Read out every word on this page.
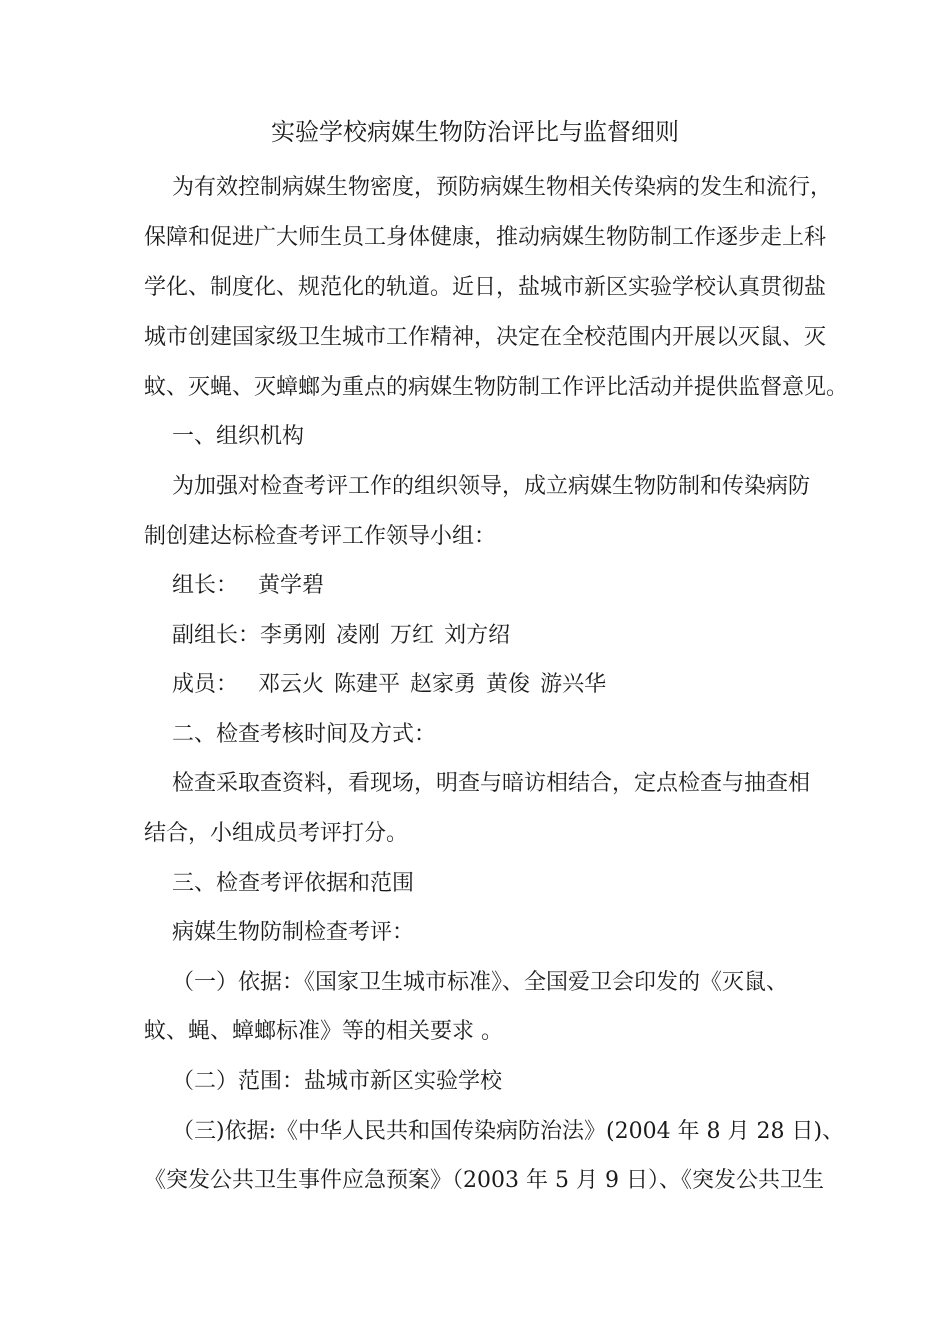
实验学校病媒生物防治评比与监督细则
为有效控制病媒生物密度，预防病媒生物相关传染病的发生和流行，
保障和促进广大师生员工身体健康，推动病媒生物防制工作逐步走上科
学化、制度化、规范化的轨道。近日，盐城市新区实验学校认真贯彻盐
城市创建国家级卫生城市工作精神，决定在全校范围内开展以灭鼠、灭
蚊、灭蝇、灭蟑螂为重点的病媒生物防制工作评比活动并提供监督意见。
一、组织机构
为加强对检查考评工作的组织领导，成立病媒生物防制和传染病防
制创建达标检查考评工作领导小组：
组长： 黄学碧
副组长：李勇刚 凌刚 万红 刘方绍
成员： 邓云火 陈建平 赵家勇 黄俊 游兴华
二、检查考核时间及方式：
检查采取查资料，看现场，明查与暗访相结合，定点检查与抽查相
结合，小组成员考评打分。
三、检查考评依据和范围
病媒生物防制检查考评：
（一）依据：《国家卫生城市标准》、全国爱卫会印发的《灭鼠、
蚊、蝇、蟑螂标准》等的相关要求 。
（二）范围：盐城市新区实验学校
（三)依据:《中华人民共和国传染病防治法》(2004 年 8 月 28 日)、
《突发公共卫生事件应急预案》（2003 年 5 月 9 日）、《突发公共卫生
